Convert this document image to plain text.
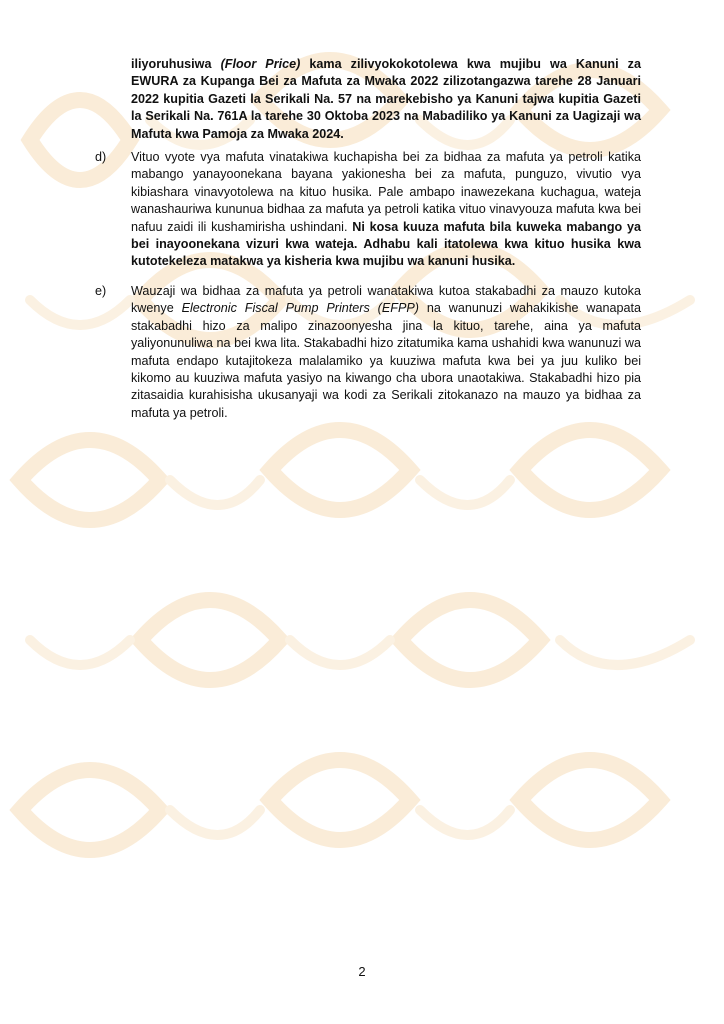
iliyoruhusiwa (Floor Price) kama zilivyokokotolewa kwa mujibu wa Kanuni za EWURA za Kupanga Bei za Mafuta za Mwaka 2022 zilizotangazwa tarehe 28 Januari 2022 kupitia Gazeti la Serikali Na. 57 na marekebisho ya Kanuni tajwa kupitia Gazeti la Serikali Na. 761A la tarehe 30 Oktoba 2023 na Mabadiliko ya Kanuni za Uagizaji wa Mafuta kwa Pamoja za Mwaka 2024.

d) Vituo vyote vya mafuta vinatakiwa kuchapisha bei za bidhaa za mafuta ya petroli katika mabango yanayoonekana bayana yakionesha bei za mafuta, punguzo, vivutio vya kibiashara vinavyotolewa na kituo husika. Pale ambapo inawezekana kuchagua, wateja wanashauriwa kununua bidhaa za mafuta ya petroli katika vituo vinavyouza mafuta kwa bei nafuu zaidi ili kushamirisha ushindani. Ni kosa kuuza mafuta bila kuweka mabango ya bei inayoonekana vizuri kwa wateja. Adhabu kali itatolewa kwa kituo husika kwa kutotekeleza matakwa ya kisheria kwa mujibu wa kanuni husika.

e) Wauzaji wa bidhaa za mafuta ya petroli wanatakiwa kutoa stakabadhi za mauzo kutoka kwenye Electronic Fiscal Pump Printers (EFPP) na wanunuzi wahakikishe wanapata stakabadhi hizo za malipo zinazoonyesha jina la kituo, tarehe, aina ya mafuta yaliyonunuliwa na bei kwa lita. Stakabadhi hizo zitatumika kama ushahidi kwa wanunuzi wa mafuta endapo kutajitokeza malalamiko ya kuuziwa mafuta kwa bei ya juu kuliko bei kikomo au kuuziwa mafuta yasiyo na kiwango cha ubora unaotakiwa. Stakabadhi hizo pia zitasaidia kurahisisha ukusanyaji wa kodi za Serikali zitokanazo na mauzo ya bidhaa za mafuta ya petroli.

2
